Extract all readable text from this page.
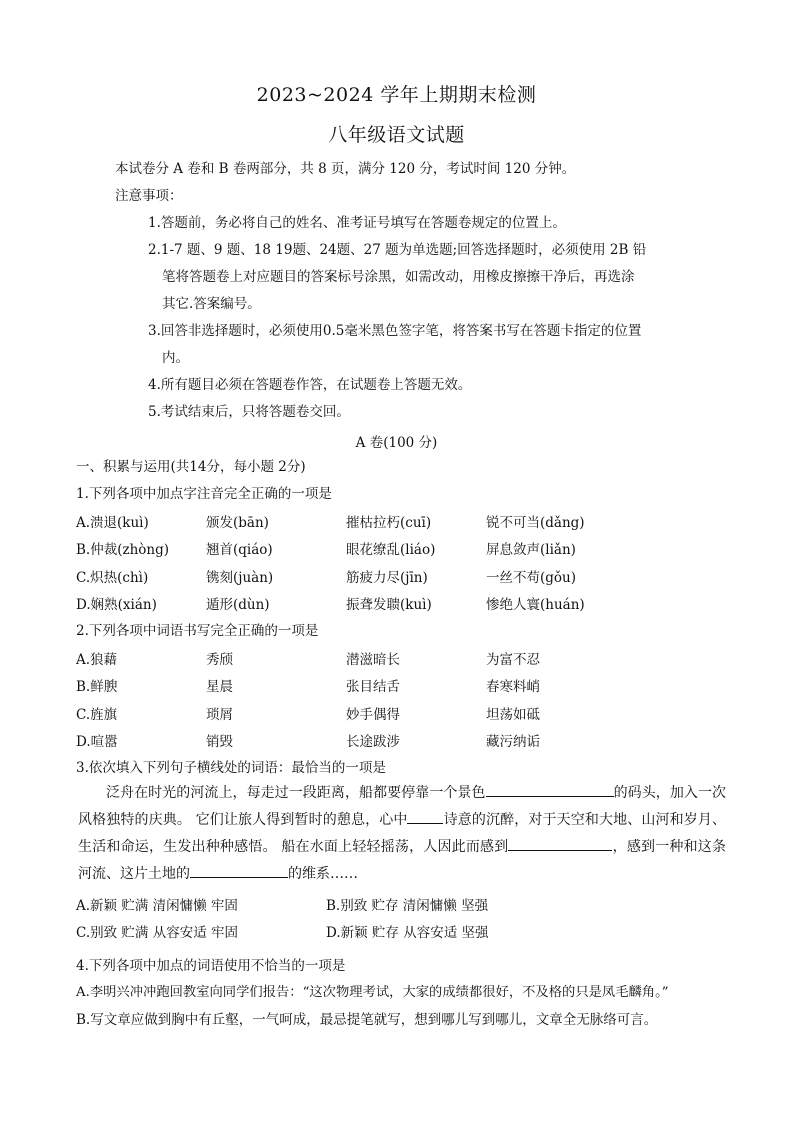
2023~2024 学年上期期末检测
八年级语文试题
本试卷分 A 卷和 B 卷两部分，共 8 页，满分 120 分，考试时间 120 分钟。
注意事项：
1.答题前，务必将自己的姓名、准考证号填写在答题卷规定的位置上。
2.1-7 题、9 题、18 19题、24题、27 题为单选题;回答选择题时，必须使用 2B 铅
笔将答题卷上对应题目的答案标号涂黑，如需改动，用橡皮擦擦干净后，再选涂
其它.答案编号。
3.回答非选择题时，必须使用0.5毫米黑色签字笔，将答案书写在答题卡指定的位置
内。
4.所有题目必须在答题卷作答，在试题卷上答题无效。
5.考试结束后，只将答题卷交回。
A 卷(100 分)
一、积累与运用(共14分，每小题 2分)
1.下列各项中加点字注音完全正确的一项是
A.溃退(kuì)	颁发(bān)	摧枯拉朽(cuī)	锐不可当(dǎng)
B.仲裁(zhòng)	翘首(qiáo)	眼花缭乱(liáo)	屏息敛声(liǎn)
C.炽热(chì)	镌刻(juàn)	筋疲力尽(jīn)	一丝不苟(gǒu)
D.娴熟(xián)	遁形(dùn)	振聋发聩(kuì)	惨绝人寰(huán)
2.下列各项中词语书写完全正确的一项是
A.狼藉	秀颀	潜滋暗长	为富不忍
B.鲜腴	星晨	张目结舌	春寒料峭
C.旌旗	琐屑	妙手偶得	坦荡如砥
D.喧嚣	销毁	长途跋涉	藏污纳诟
3.依次填入下列句子横线处的词语：最恰当的一项是
泛舟在时光的河流上，每走过一段距离，船都要停靠一个景色	的码头，加入一次风格独特的庆典。 它们让旅人得到暂时的憩息，心中	诗意的沉醉，对于天空和大地、山河和岁月、生活和命运，生发出种种感悟。 船在水面上轻轻摇荡，人因此而感到	，感到一种和这条河流、这片土地的	的维系……
A.新颖 贮满 清闲慵懒 牢固	B.别致 贮存 清闲慵懒 坚强
C.别致 贮满 从容安适 牢固	D.新颖 贮存 从容安适 坚强
4.下列各项中加点的词语使用不恰当的一项是
A.李明兴冲冲跑回教室向同学们报告：“这次物理考试，大家的成绩都很好，不及格的只是凤毛麟角。”
B.写文章应做到胸中有丘壑，一气呵成，最忌提笔就写，想到哪儿写到哪儿，文章全无脉络可言。
